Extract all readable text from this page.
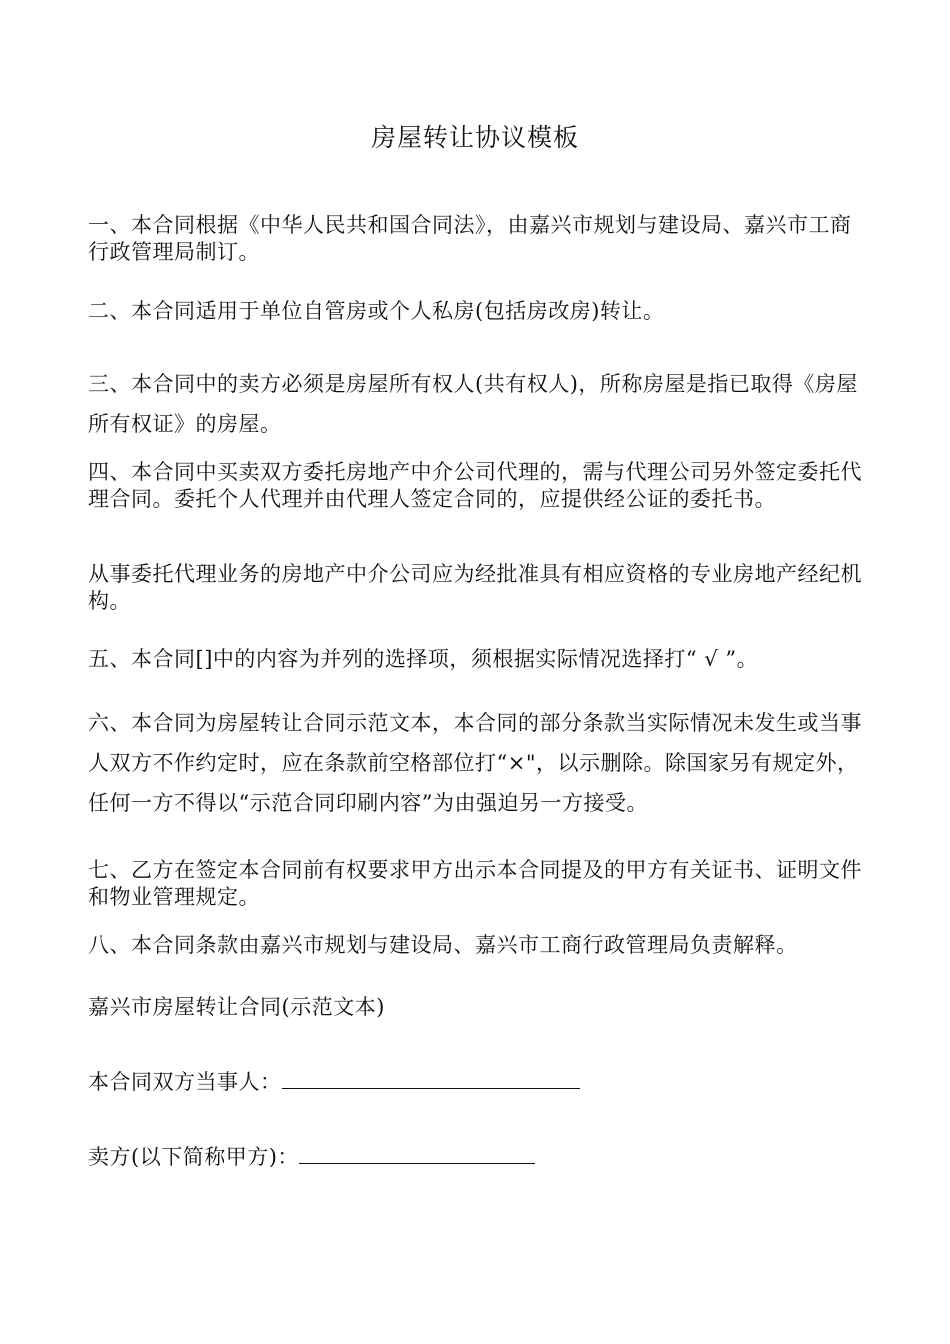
房屋转让协议模板
一、本合同根据《中华人民共和国合同法》，由嘉兴市规划与建设局、嘉兴市工商行政管理局制订。
二、本合同适用于单位自管房或个人私房(包括房改房)转让。
三、本合同中的卖方必须是房屋所有权人(共有权人)，所称房屋是指已取得《房屋所有权证》的房屋。
四、本合同中买卖双方委托房地产中介公司代理的，需与代理公司另外签定委托代理合同。委托个人代理并由代理人签定合同的，应提供经公证的委托书。
从事委托代理业务的房地产中介公司应为经批准具有相应资格的专业房地产经纪机构。
五、本合同[]中的内容为并列的选择项，须根据实际情况选择打“ √ ”。
六、本合同为房屋转让合同示范文本，本合同的部分条款当实际情况未发生或当事人双方不作约定时，应在条款前空格部位打“×"，以示删除。除国家另有规定外，任何一方不得以“示范合同印刷内容”为由强迫另一方接受。
七、乙方在签定本合同前有权要求甲方出示本合同提及的甲方有关证书、证明文件和物业管理规定。
八、本合同条款由嘉兴市规划与建设局、嘉兴市工商行政管理局负责解释。
嘉兴市房屋转让合同(示范文本)
本合同双方当事人：
卖方(以下简称甲方)：
